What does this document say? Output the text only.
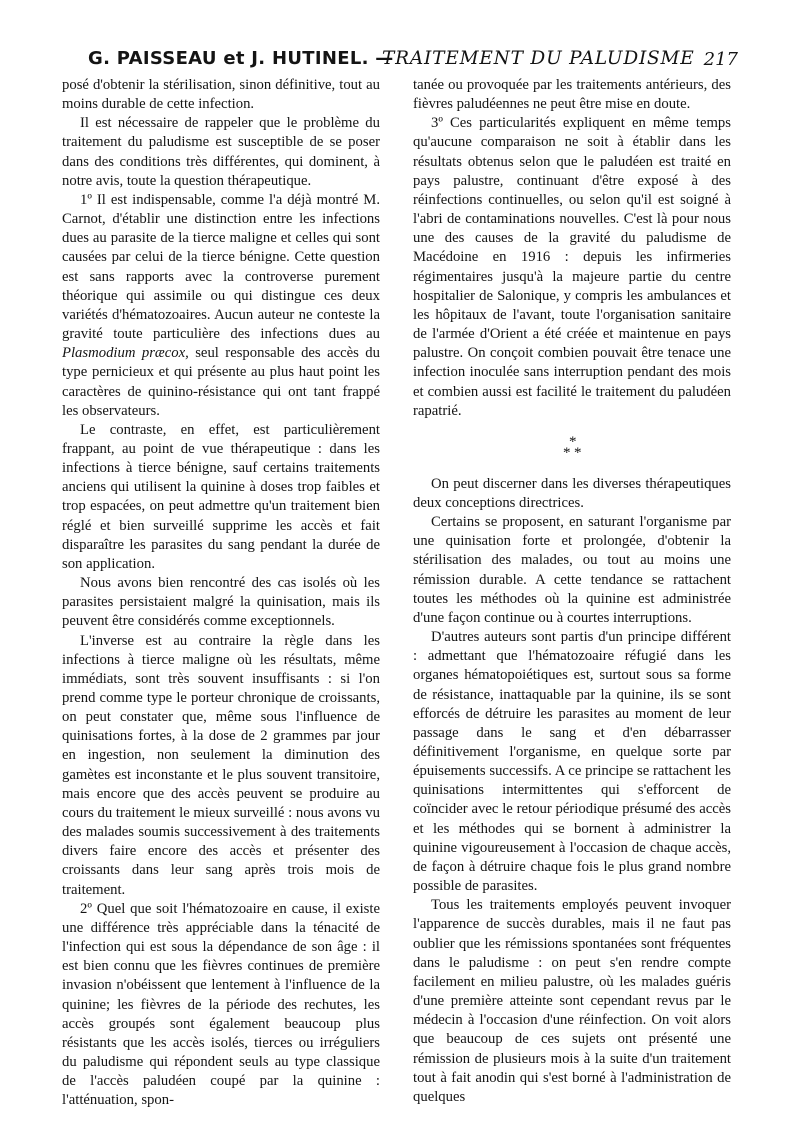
G. PAISSEAU et J. HUTINEL. —
TRAITEMENT DU PALUDISME 217

posé d'obtenir la stérilisation, sinon définitive, tout au moins durable de cette infection.

Il est nécessaire de rappeler que le problème du traitement du paludisme est susceptible de se poser dans des conditions très différentes, qui dominent, à notre avis, toute la question thérapeutique.

1º Il est indispensable, comme l'a déjà montré M. Carnot, d'établir une distinction entre les infections dues au parasite de la tierce maligne et celles qui sont causées par celui de la tierce bénigne. Cette question est sans rapports avec la controverse purement théorique qui assimile ou qui distingue ces deux variétés d'hématozoaires. Aucun auteur ne conteste la gravité toute particulière des infections dues au Plasmodium præcox, seul responsable des accès du type pernicieux et qui présente au plus haut point les caractères de quinino-résistance qui ont tant frappé les observateurs.

Le contraste, en effet, est particulièrement frappant, au point de vue thérapeutique : dans les infections à tierce bénigne, sauf certains traitements anciens qui utilisent la quinine à doses trop faibles et trop espacées, on peut admettre qu'un traitement bien réglé et bien surveillé supprime les accès et fait disparaître les parasites du sang pendant la durée de son application.

Nous avons bien rencontré des cas isolés où les parasites persistaient malgré la quinisation, mais ils peuvent être considérés comme exceptionnels.

L'inverse est au contraire la règle dans les infections à tierce maligne où les résultats, même immédiats, sont très souvent insuffisants : si l'on prend comme type le porteur chronique de croissants, on peut constater que, même sous l'influence de quinisations fortes, à la dose de 2 grammes par jour en ingestion, non seulement la diminution des gamètes est inconstante et le plus souvent transitoire, mais encore que des accès peuvent se produire au cours du traitement le mieux surveillé : nous avons vu des malades soumis successivement à des traitements divers faire encore des accès et présenter des croissants dans leur sang après trois mois de traitement.

2º Quel que soit l'hématozoaire en cause, il existe une différence très appréciable dans la ténacité de l'infection qui est sous la dépendance de son âge : il est bien connu que les fièvres continues de première invasion n'obéissent que lentement à l'influence de la quinine; les fièvres de la période des rechutes, les accès groupés sont également beaucoup plus résistants que les accès isolés, tierces ou irréguliers du paludisme qui répondent seuls au type classique de l'accès paludéen coupé par la quinine : l'atténuation, spon-

tanée ou provoquée par les traitements antérieurs, des fièvres paludéennes ne peut être mise en doute.

3º Ces particularités expliquent en même temps qu'aucune comparaison ne soit à établir dans les résultats obtenus selon que le paludéen est traité en pays palustre, continuant d'être exposé à des réinfections continuelles, ou selon qu'il est soigné à l'abri de contaminations nouvelles. C'est là pour nous une des causes de la gravité du paludisme de Macédoine en 1916 : depuis les infirmeries régimentaires jusqu'à la majeure partie du centre hospitalier de Salonique, y compris les ambulances et les hôpitaux de l'avant, toute l'organisation sanitaire de l'armée d'Orient a été créée et maintenue en pays palustre. On conçoit combien pouvait être tenace une infection inoculée sans interruption pendant des mois et combien aussi est facilité le traitement du paludéen rapatrié.

*
* *

On peut discerner dans les diverses thérapeutiques deux conceptions directrices.

Certains se proposent, en saturant l'organisme par une quinisation forte et prolongée, d'obtenir la stérilisation des malades, ou tout au moins une rémission durable. A cette tendance se rattachent toutes les méthodes où la quinine est administrée d'une façon continue ou à courtes interruptions.

D'autres auteurs sont partis d'un principe différent : admettant que l'hématozoaire réfugié dans les organes hématopoiétiques est, surtout sous sa forme de résistance, inattaquable par la quinine, ils se sont efforcés de détruire les parasites au moment de leur passage dans le sang et d'en débarrasser définitivement l'organisme, en quelque sorte par épuisements successifs. A ce principe se rattachent les quinisations intermittentes qui s'efforcent de coïncider avec le retour périodique présumé des accès et les méthodes qui se bornent à administrer la quinine vigoureusement à l'occasion de chaque accès, de façon à détruire chaque fois le plus grand nombre possible de parasites.

Tous les traitements employés peuvent invoquer l'apparence de succès durables, mais il ne faut pas oublier que les rémissions spontanées sont fréquentes dans le paludisme : on peut s'en rendre compte facilement en milieu palustre, où les malades guéris d'une première atteinte sont cependant revus par le médecin à l'occasion d'une réinfection. On voit alors que beaucoup de ces sujets ont présenté une rémission de plusieurs mois à la suite d'un traitement tout à fait anodin qui s'est borné à l'administration de quelques
